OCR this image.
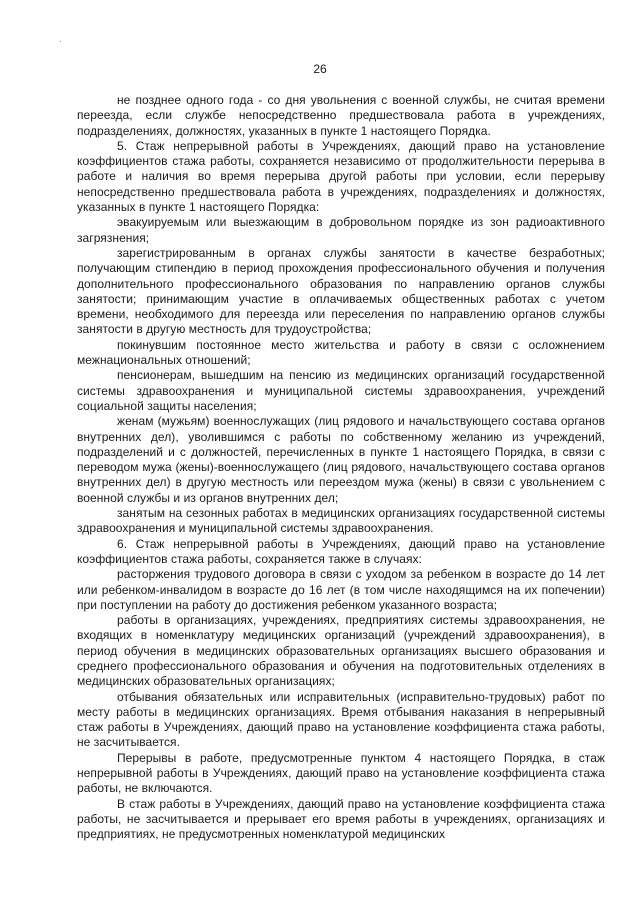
26

не позднее одного года - со дня увольнения с военной службы, не считая времени переезда, если службе непосредственно предшествовала работа в учреждениях, подразделениях, должностях, указанных в пункте 1 настоящего Порядка.

5. Стаж непрерывной работы в Учреждениях, дающий право на установление коэффициентов стажа работы, сохраняется независимо от продолжительности перерыва в работе и наличия во время перерыва другой работы при условии, если перерыву непосредственно предшествовала работа в учреждениях, подразделениях и должностях, указанных в пункте 1 настоящего Порядка:

эвакуируемым или выезжающим в добровольном порядке из зон радиоактивного загрязнения;

зарегистрированным в органах службы занятости в качестве безработных; получающим стипендию в период прохождения профессионального обучения и получения дополнительного профессионального образования по направлению органов службы занятости; принимающим участие в оплачиваемых общественных работах с учетом времени, необходимого для переезда или переселения по направлению органов службы занятости в другую местность для трудоустройства;

покинувшим постоянное место жительства и работу в связи с осложнением межнациональных отношений;

пенсионерам, вышедшим на пенсию из медицинских организаций государственной системы здравоохранения и муниципальной системы здравоохранения, учреждений социальной защиты населения;

женам (мужьям) военнослужащих (лиц рядового и начальствующего состава органов внутренних дел), уволившимся с работы по собственному желанию из учреждений, подразделений и с должностей, перечисленных в пункте 1 настоящего Порядка, в связи с переводом мужа (жены)-военнослужащего (лиц рядового, начальствующего состава органов внутренних дел) в другую местность или переездом мужа (жены) в связи с увольнением с военной службы и из органов внутренних дел;

занятым на сезонных работах в медицинских организациях государственной системы здравоохранения и муниципальной системы здравоохранения.

6. Стаж непрерывной работы в Учреждениях, дающий право на установление коэффициентов стажа работы, сохраняется также в случаях:

расторжения трудового договора в связи с уходом за ребенком в возрасте до 14 лет или ребенком-инвалидом в возрасте до 16 лет (в том числе находящимся на их попечении) при поступлении на работу до достижения ребенком указанного возраста;

работы в организациях, учреждениях, предприятиях системы здравоохранения, не входящих в номенклатуру медицинских организаций (учреждений здравоохранения), в период обучения в медицинских образовательных организациях высшего образования и среднего профессионального образования и обучения на подготовительных отделениях в медицинских образовательных организациях;

отбывания обязательных или исправительных (исправительно-трудовых) работ по месту работы в медицинских организациях. Время отбывания наказания в непрерывный стаж работы в Учреждениях, дающий право на установление коэффициента стажа работы, не засчитывается.

Перерывы в работе, предусмотренные пунктом 4 настоящего Порядка, в стаж непрерывной работы в Учреждениях, дающий право на установление коэффициента стажа работы, не включаются.

В стаж работы в Учреждениях, дающий право на установление коэффициента стажа работы, не засчитывается и прерывает его время работы в учреждениях, организациях и предприятиях, не предусмотренных номенклатурой медицинских
